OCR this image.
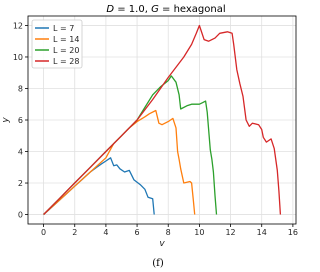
D = 1.0, G = hexagonal
0	2	4	6	8	10	12	14	16
0
2
4
6
8
10
12
v
y
L = 7
L = 14
L = 20
L = 28
(f)
